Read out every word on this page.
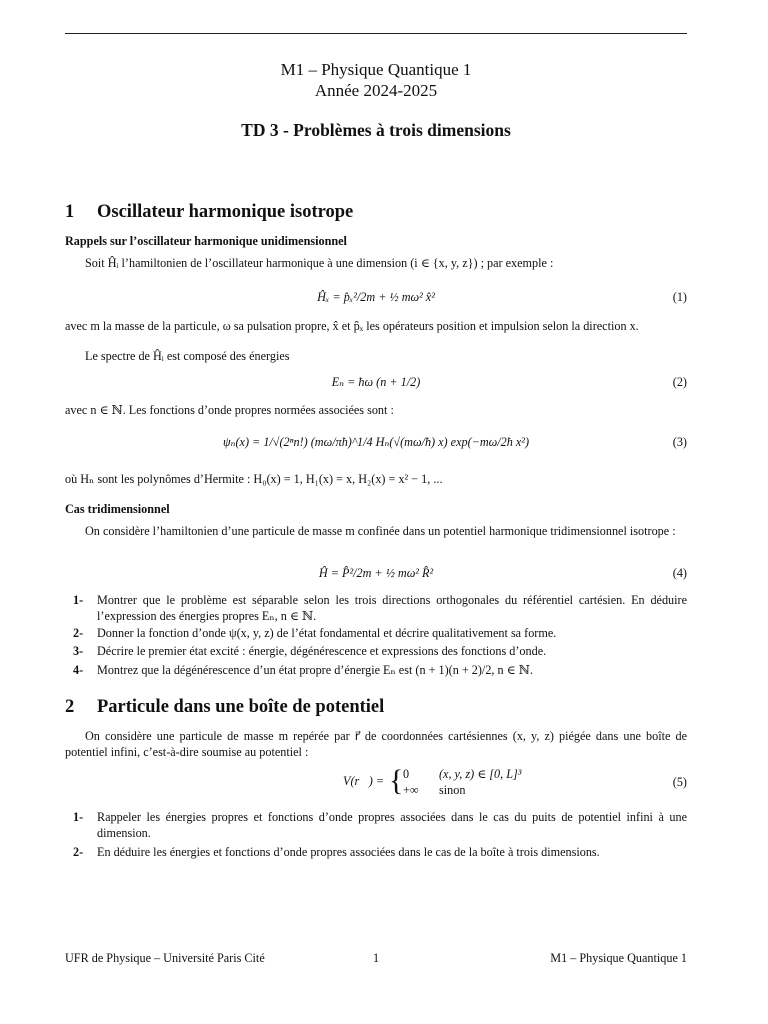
M1 – Physique Quantique 1
Année 2024-2025
TD 3 - Problèmes à trois dimensions
1 Oscillateur harmonique isotrope
Rappels sur l’oscillateur harmonique unidimensionnel
Soit Ĥᵢ l’hamiltonien de l’oscillateur harmonique à une dimension (i ∈ {x, y, z}) ; par exemple :
Ĥₓ = p̂ₓ²/2m + ½ mω² x̂²	(1)
avec m la masse de la particule, ω sa pulsation propre, x̂ et p̂ₓ les opérateurs position et impulsion selon la direction x.
Le spectre de Ĥᵢ est composé des énergies
Eₙ = ħω (n + 1/2)	(2)
avec n ∈ ℕ. Les fonctions d’onde propres normées associées sont :
ψₙ(x) = 1/√(2ⁿn!) (mω/πħ)^1/4 Hₙ(√(mω/ħ) x) exp(−mω/2ħ x²)	(3)
où Hₙ sont les polynômes d’Hermite : H₀(x) = 1, H₁(x) = x, H₂(x) = x² − 1, ...
Cas tridimensionnel
On considère l’hamiltonien d’une particule de masse m confinée dans un potentiel harmonique tridimensionnel isotrope :
Ĥ = P̂²/2m + ½ mω² R̂²	(4)
1- Montrer que le problème est séparable selon les trois directions orthogonales du référentiel cartésien. En déduire l’expression des énergies propres Eₙ, n ∈ ℕ.
2- Donner la fonction d’onde ψ(x, y, z) de l’état fondamental et décrire qualitativement sa forme.
3- Décrire le premier état excité : énergie, dégénérescence et expressions des fonctions d’onde.
4- Montrez que la dégénérescence d’un état propre d’énergie Eₙ est (n + 1)(n + 2)/2, n ∈ ℕ.
2 Particule dans une boîte de potentiel
On considère une particule de masse m repérée par r⃗ de coordonnées cartésiennes (x, y, z) piégée dans une boîte de potentiel infini, c’est-à-dire soumise au potentiel :
V(r⃗) = { 0 (x, y, z) ∈ [0, L]³
+∞ sinon
(5)
1- Rappeler les énergies propres et fonctions d’onde propres associées dans le cas du puits de potentiel infini à une dimension.
2- En déduire les énergies et fonctions d’onde propres associées dans le cas de la boîte à trois dimensions.
UFR de Physique – Université Paris Cité	1	M1 – Physique Quantique 1
